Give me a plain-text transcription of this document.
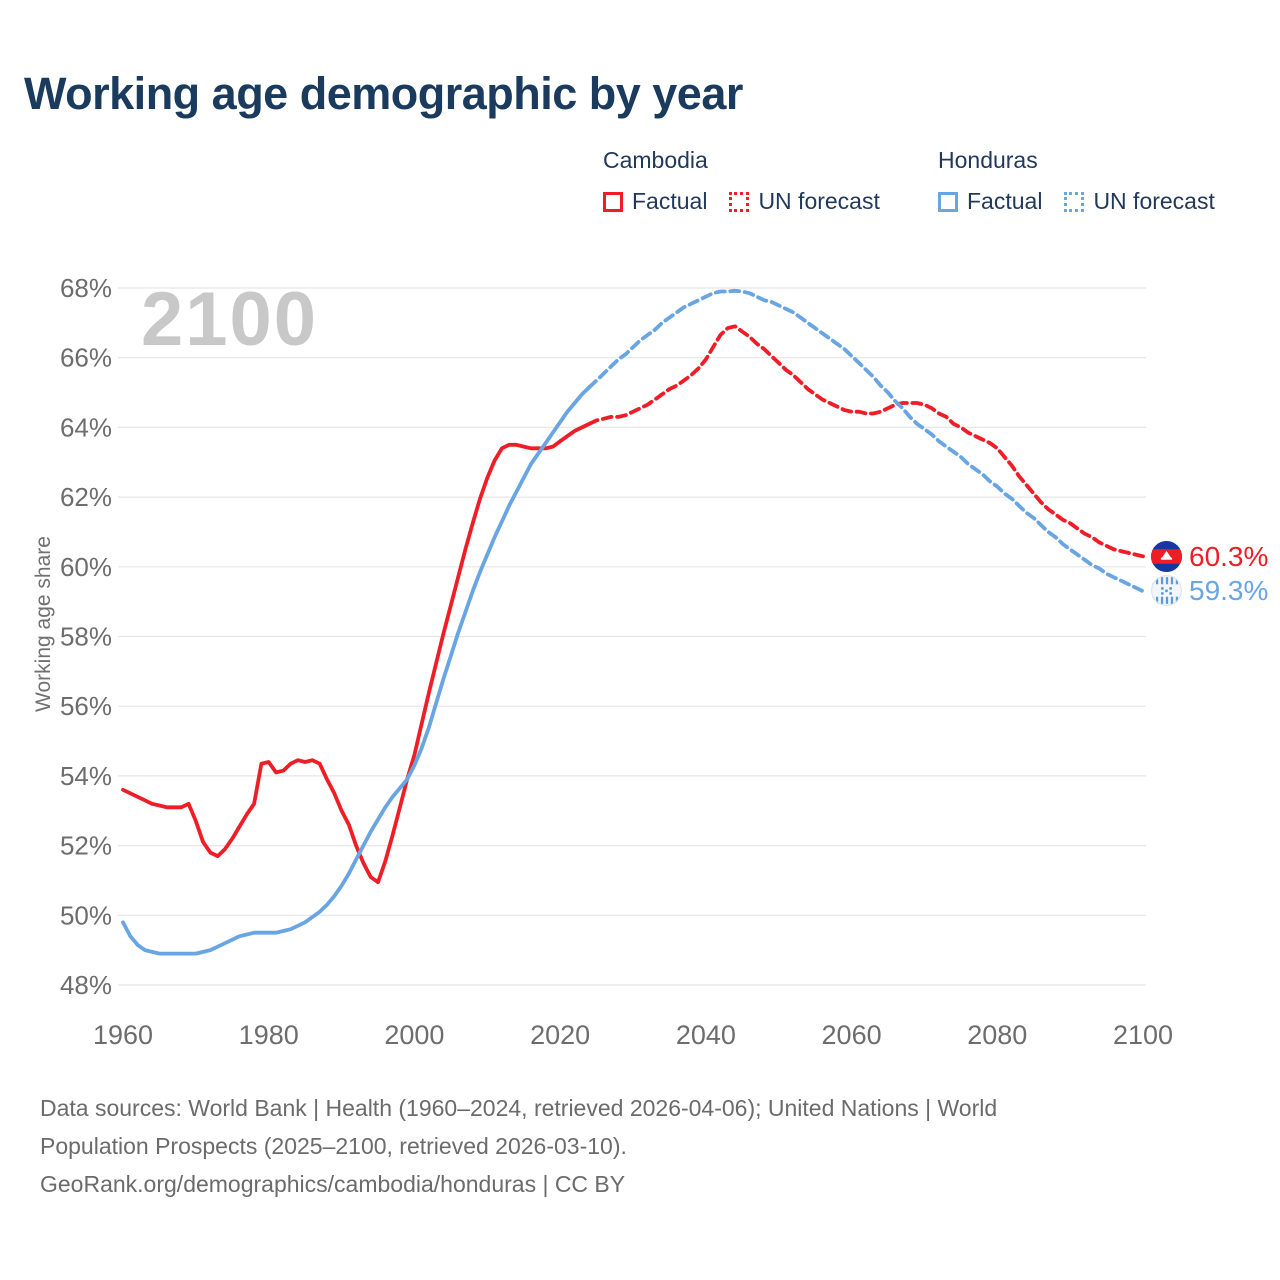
48%
50%
52%
54%
56%
58%
60%
62%
64%
66%
68%
1960	1980	2000	2020	2040	2060	2080	2100
Working age demographic by year
Cambodia
Factual UN forecast
Honduras
Factual UN forecast
2100
Working age share	60.3%
59.3%
Data sources: World Bank | Health (1960–2024, retrieved 2026-04-06); United Nations | World
Population Prospects (2025–2100, retrieved 2026-03-10).
GeoRank.org/demographics/cambodia/honduras | CC BY
